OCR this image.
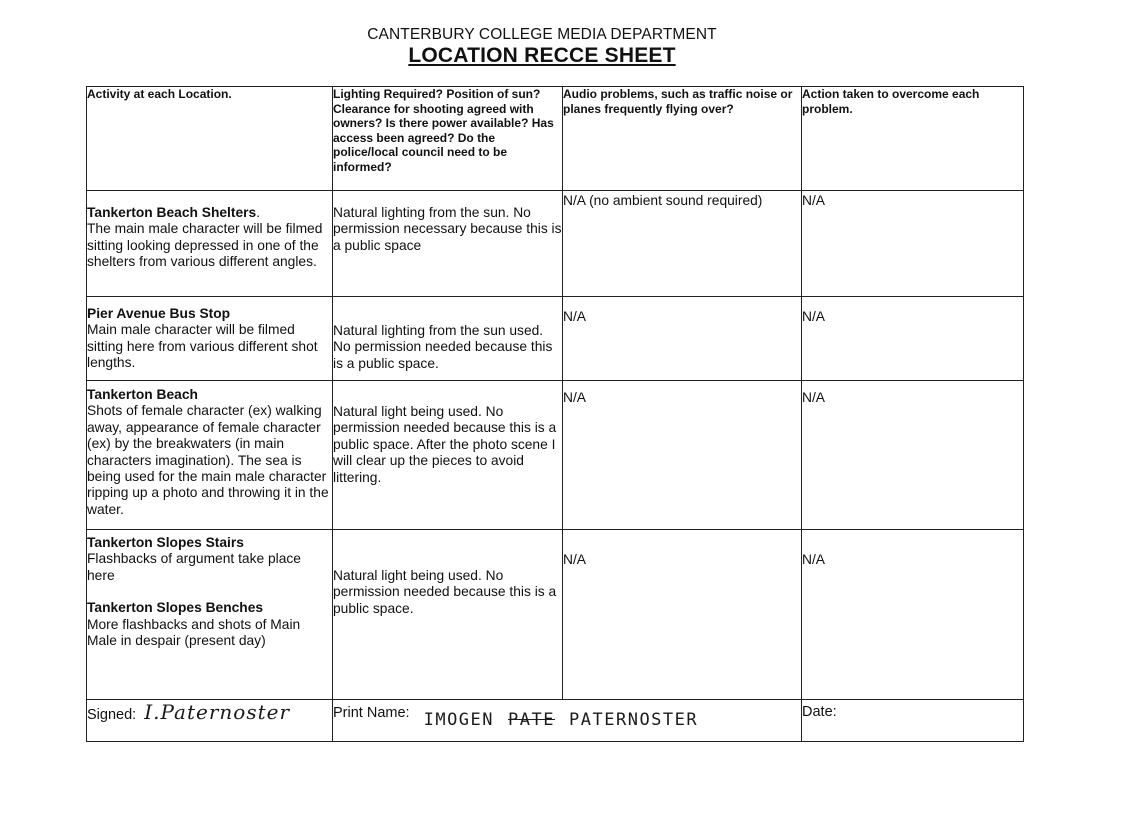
CANTERBURY COLLEGE MEDIA DEPARTMENT
LOCATION RECCE SHEET
Activity at each Location.	Lighting Required? Position of sun?
Clearance for shooting agreed with owners? Is there power available? Has access been agreed? Do the police/local council need to be informed?	Audio problems, such as traffic noise or planes frequently flying over?	Action taken to overcome each problem.
Tankerton Beach Shelters.
The main male character will be filmed sitting looking depressed in one of the shelters from various different angles.	Natural lighting from the sun. No permission necessary because this is a public space	N/A (no ambient sound required)	N/A
Pier Avenue Bus Stop
Main male character will be filmed sitting here from various different shot lengths.	Natural lighting from the sun used. No permission needed because this is a public space.	N/A	N/A
Tankerton Beach
Shots of female character (ex) walking away, appearance of female character (ex) by the breakwaters (in main characters imagination). The sea is being used for the main male character ripping up a photo and throwing it in the water.	Natural light being used. No permission needed because this is a public space. After the photo scene I will clear up the pieces to avoid littering.	N/A	N/A
Tankerton Slopes Stairs
Flashbacks of argument take place here
Tankerton Slopes Benches
More flashbacks and shots of Main Male in despair (present day)	Natural light being used. No permission needed because this is a public space.	N/A	N/A
Signed: I.Paternoster	Print Name: IMOGEN PATE PATERNOSTER		Date:
